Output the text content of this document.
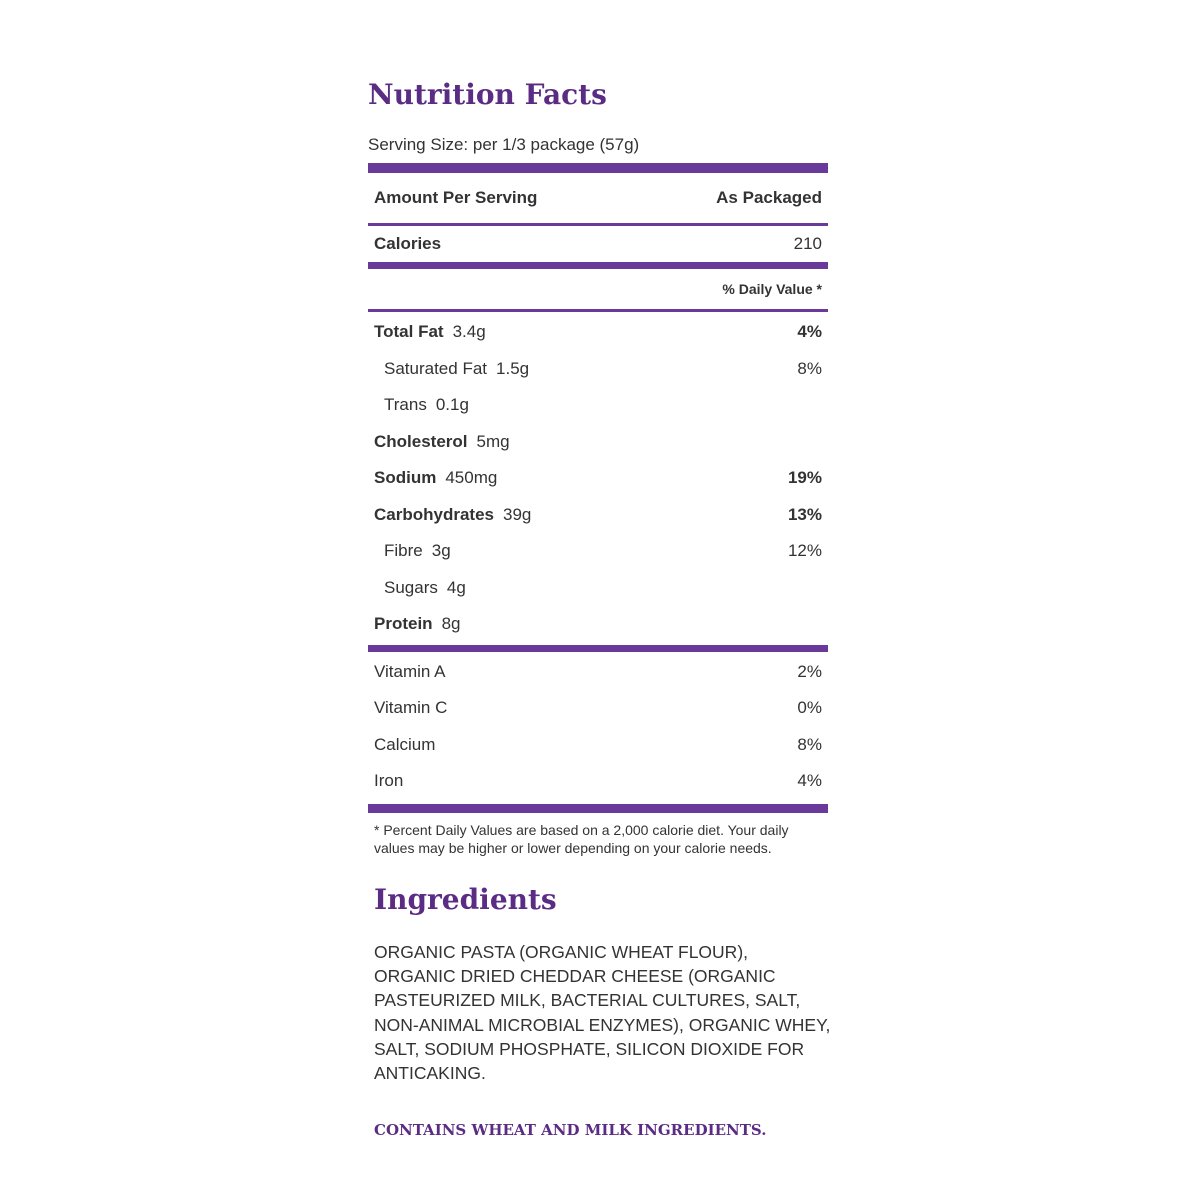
Nutrition Facts
Serving Size: per 1/3 package (57g)
Amount Per Serving	As Packaged
Calories	210
% Daily Value *
Total Fat 3.4g	4%
Saturated Fat 1.5g	8%
Trans 0.1g
Cholesterol 5mg
Sodium 450mg	19%
Carbohydrates 39g	13%
Fibre 3g	12%
Sugars 4g
Protein 8g
Vitamin A	2%
Vitamin C	0%
Calcium	8%
Iron	4%
* Percent Daily Values are based on a 2,000 calorie diet. Your daily values may be higher or lower depending on your calorie needs.
Ingredients
ORGANIC PASTA (ORGANIC WHEAT FLOUR), ORGANIC DRIED CHEDDAR CHEESE (ORGANIC PASTEURIZED MILK, BACTERIAL CULTURES, SALT, NON-ANIMAL MICROBIAL ENZYMES), ORGANIC WHEY, SALT, SODIUM PHOSPHATE, SILICON DIOXIDE FOR ANTICAKING.
CONTAINS WHEAT AND MILK INGREDIENTS.
